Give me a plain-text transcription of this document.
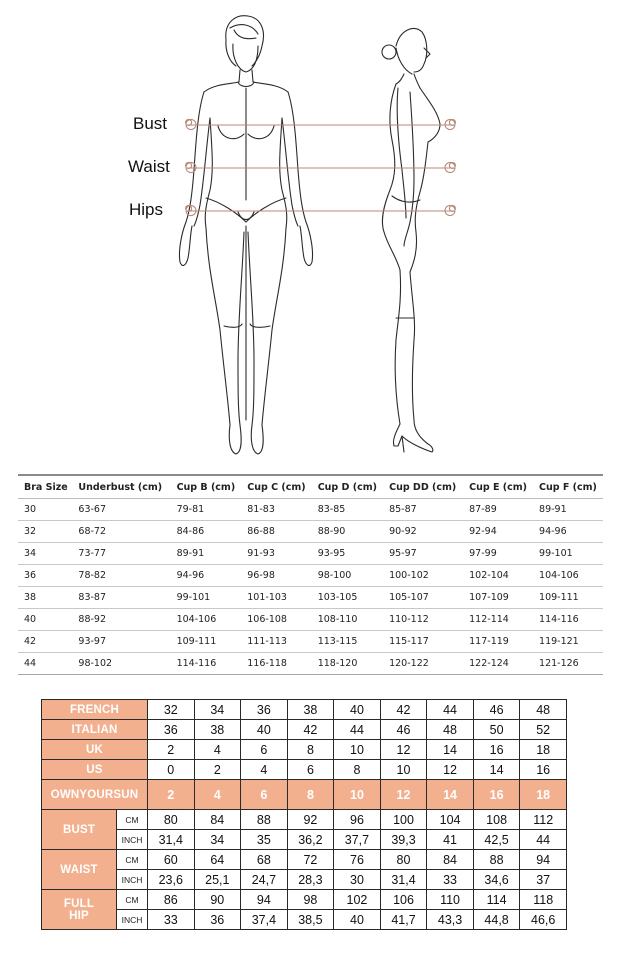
Bust
Waist
Hips
Bra Size	Underbust (cm)	Cup B (cm)	Cup C (cm)	Cup D (cm)	Cup DD (cm)	Cup E (cm)	Cup F (cm)
30	63-67	79-81	81-83	83-85	85-87	87-89	89-91
32	68-72	84-86	86-88	88-90	90-92	92-94	94-96
34	73-77	89-91	91-93	93-95	95-97	97-99	99-101
36	78-82	94-96	96-98	98-100	100-102	102-104	104-106
38	83-87	99-101	101-103	103-105	105-107	107-109	109-111
40	88-92	104-106	106-108	108-110	110-112	112-114	114-116
42	93-97	109-111	111-113	113-115	115-117	117-119	119-121
44	98-102	114-116	116-118	118-120	120-122	122-124	121-126
FRENCH		32	34	36	38	40	42	44	46	48
ITALIAN		36	38	40	42	44	46	48	50	52
UK		2	4	6	8	10	12	14	16	18
US		0	2	4	6	8	10	12	14	16
OWNYOURSUN		2	4	6	8	10	12	14	16	18
BUST	CM	80	84	88	92	96	100	104	108	112
	INCH	31,4	34	35	36,2	37,7	39,3	41	42,5	44
WAIST	CM	60	64	68	72	76	80	84	88	94
	INCH	23,6	25,1	24,7	28,3	30	31,4	33	34,6	37
FULL
HIP	CM	86	90	94	98	102	106	110	114	118
	INCH	33	36	37,4	38,5	40	41,7	43,3	44,8	46,6
